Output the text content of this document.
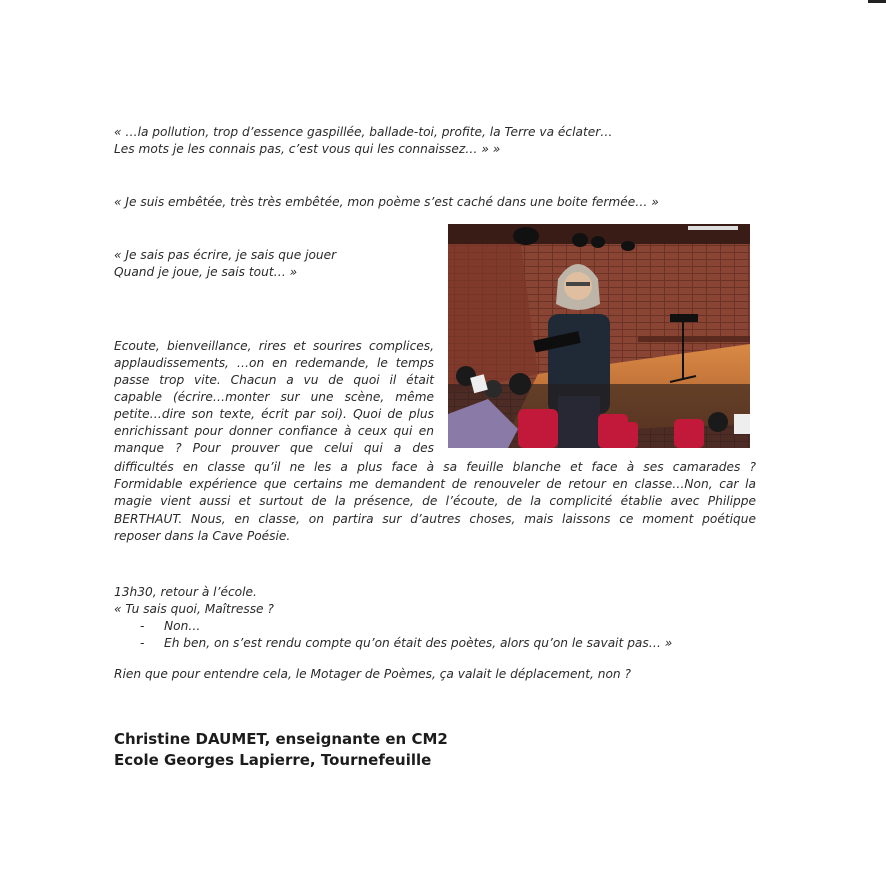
« …la pollution, trop d’essence gaspillée, ballade-toi, profite, la Terre va éclater…
Les mots je les connais pas, c’est vous qui les connaissez… » »

« Je suis embêtée, très très embêtée, mon poème s’est caché dans une boite fermée… »

« Je sais pas écrire, je sais que jouer
Quand je joue, je sais tout… »

Ecoute, bienveillance, rires et sourires complices,
applaudissements, …on en redemande, le temps
passe trop vite. Chacun a vu de quoi il était
capable (écrire…monter sur une scène, même
petite…dire son texte, écrit par soi). Quoi de plus
enrichissant pour donner confiance à ceux qui en
manque ? Pour prouver que celui qui a des
difficultés en classe qu’il ne les a plus face à sa feuille blanche et face à ses camarades ?
Formidable expérience que certains me demandent de renouveler de retour en classe…Non, car la
magie vient aussi et surtout de la présence, de l’écoute, de la complicité établie avec Philippe
BERTHAUT. Nous, en classe, on partira sur d’autres choses, mais laissons ce moment poétique
reposer dans la Cave Poésie.

13h30, retour à l’école.

« Tu sais quoi, Maîtresse ?

- Non…
- Eh ben, on s’est rendu compte qu’on était des poètes, alors qu’on le savait pas… »

Rien que pour entendre cela, le Motager de Poèmes, ça valait le déplacement, non ?

Christine DAUMET, enseignante en CM2

Ecole Georges Lapierre, Tournefeuille
